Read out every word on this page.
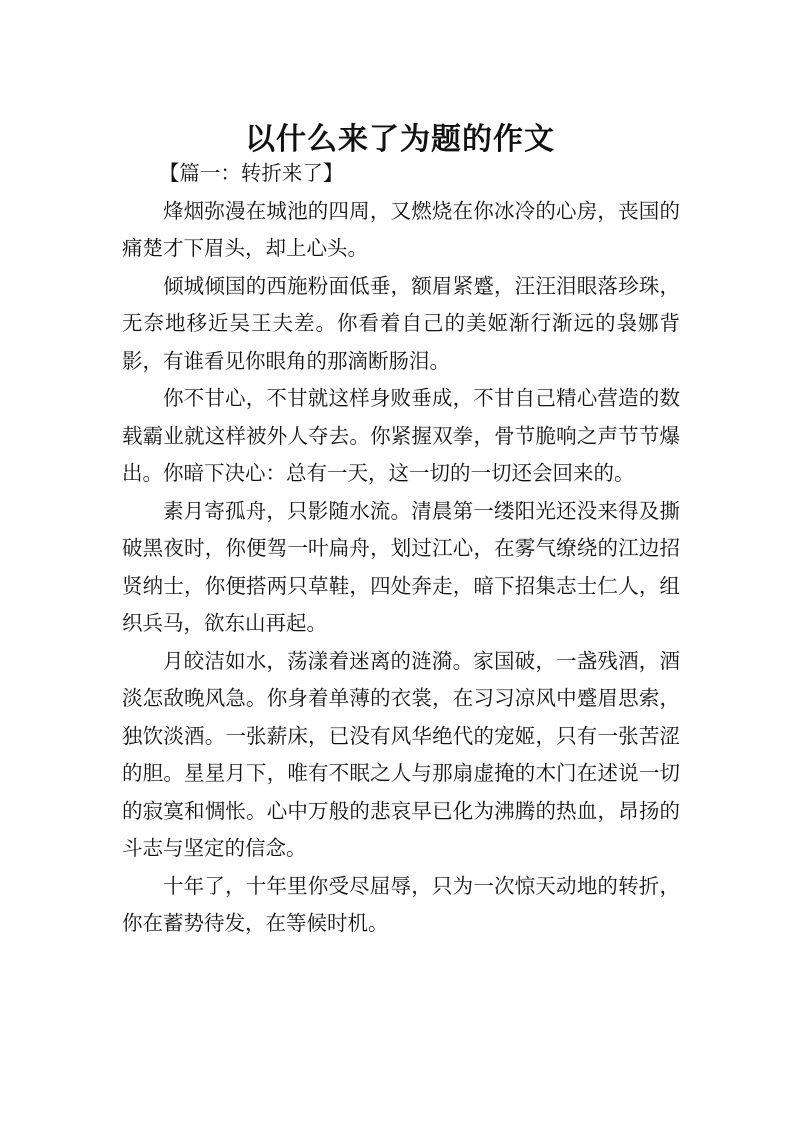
以什么来了为题的作文

【篇一：转折来了】

烽烟弥漫在城池的四周，又燃烧在你冰冷的心房，丧国的痛楚才下眉头，却上心头。

倾城倾国的西施粉面低垂，额眉紧蹙，汪汪泪眼落珍珠，无奈地移近吴王夫差。你看着自己的美姬渐行渐远的袅娜背影，有谁看见你眼角的那滴断肠泪。

你不甘心，不甘就这样身败垂成，不甘自己精心营造的数载霸业就这样被外人夺去。你紧握双拳，骨节脆响之声节节爆出。你暗下决心：总有一天，这一切的一切还会回来的。

素月寄孤舟，只影随水流。清晨第一缕阳光还没来得及撕破黑夜时，你便驾一叶扁舟，划过江心，在雾气缭绕的江边招贤纳士，你便搭两只草鞋，四处奔走，暗下招集志士仁人，组织兵马，欲东山再起。

月皎洁如水，荡漾着迷离的涟漪。家国破，一盏残酒，酒淡怎敌晚风急。你身着单薄的衣裳，在习习凉风中蹙眉思索，独饮淡酒。一张薪床，已没有风华绝代的宠姬，只有一张苦涩的胆。星星月下，唯有不眠之人与那扇虚掩的木门在述说一切的寂寞和惆怅。心中万般的悲哀早已化为沸腾的热血，昂扬的斗志与坚定的信念。

十年了，十年里你受尽屈辱，只为一次惊天动地的转折，你在蓄势待发，在等候时机。
